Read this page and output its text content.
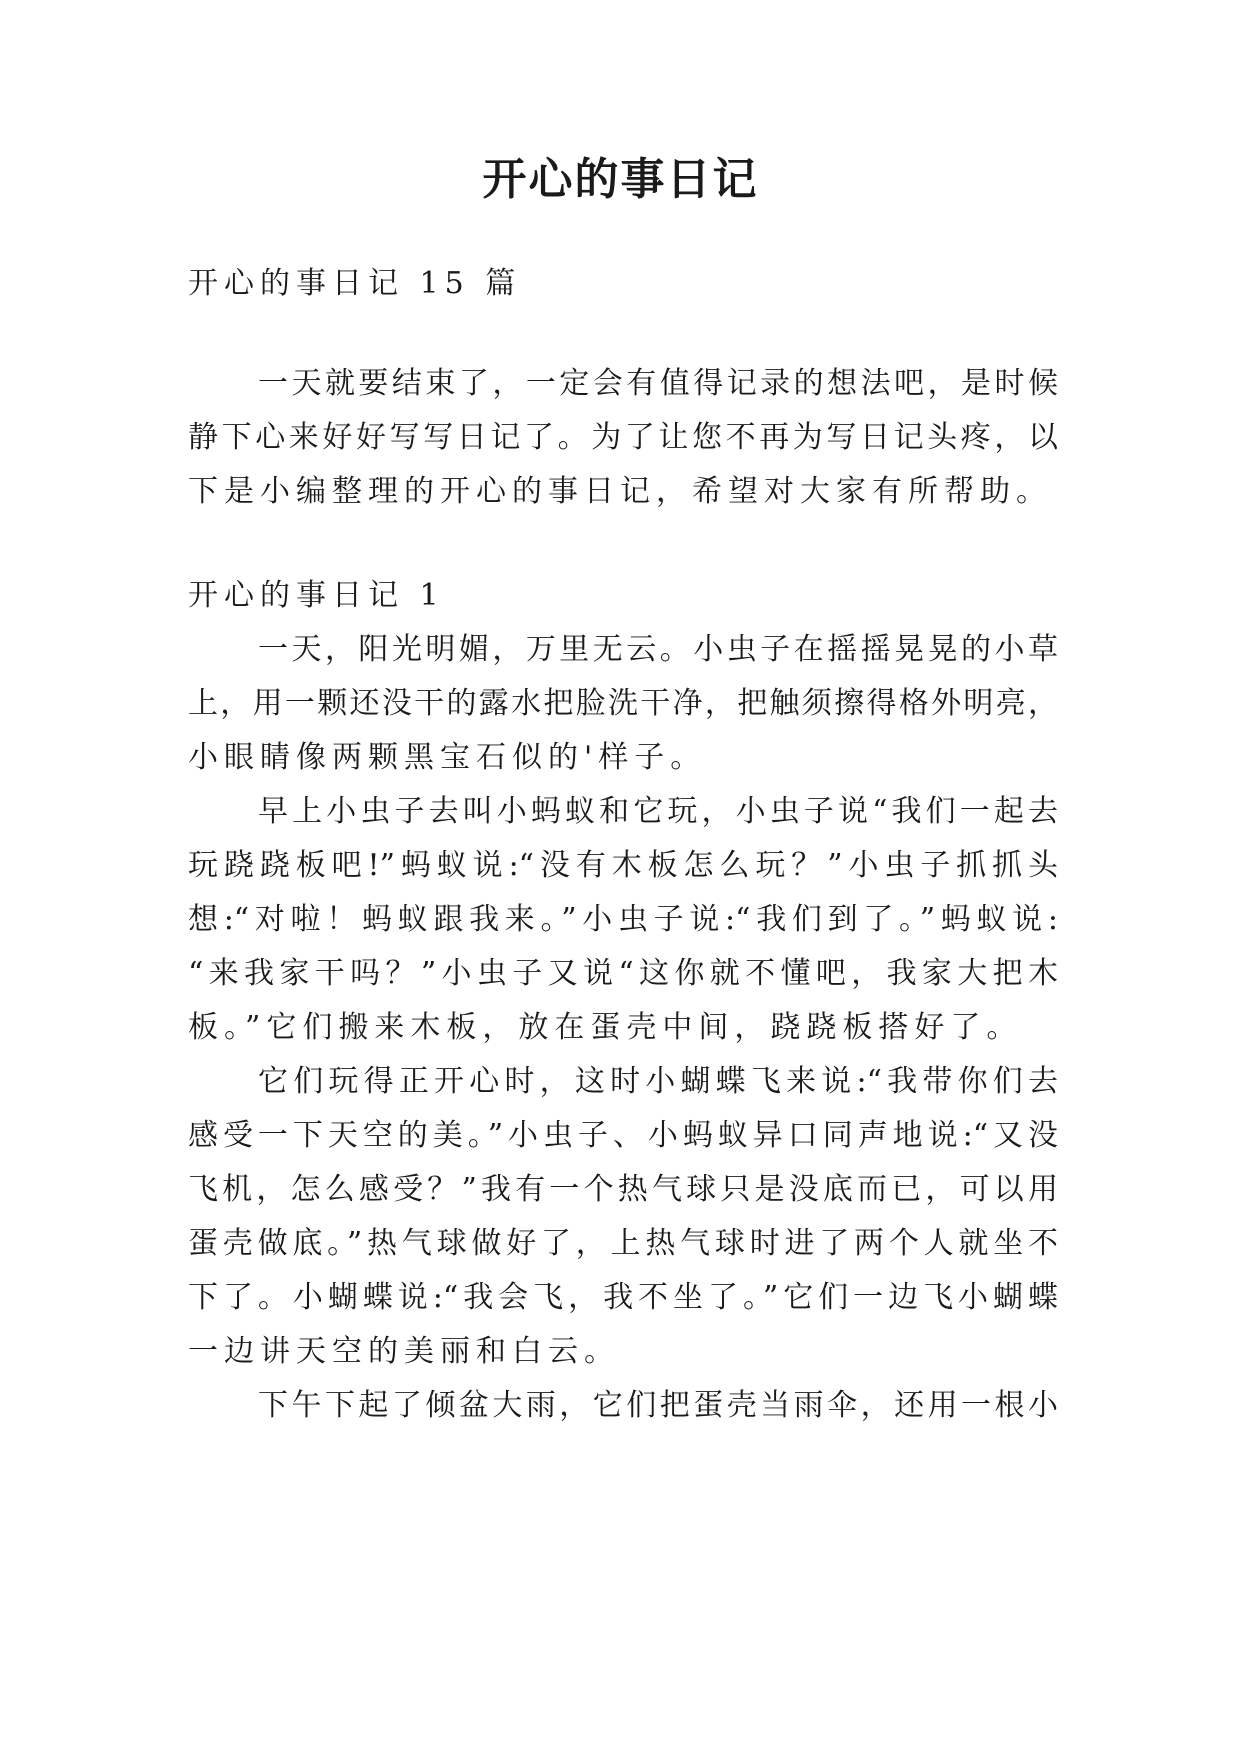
开心的事日记
开心的事日记 15 篇
一天就要结束了，一定会有值得记录的想法吧，是时候
静下心来好好写写日记了。为了让您不再为写日记头疼，以
下是小编整理的开心的事日记，希望对大家有所帮助。
开心的事日记 1
一天，阳光明媚，万里无云。小虫子在摇摇晃晃的小草
上，用一颗还没干的露水把脸洗干净，把触须擦得格外明亮，
小眼睛像两颗黑宝石似的'样子。
早上小虫子去叫小蚂蚁和它玩，小虫子说“我们一起去
玩跷跷板吧!”蚂蚁说:“没有木板怎么玩？”小虫子抓抓头
想:“对啦！蚂蚁跟我来。”小虫子说:“我们到了。”蚂蚁说:
“来我家干吗？”小虫子又说“这你就不懂吧，我家大把木
板。”它们搬来木板，放在蛋壳中间，跷跷板搭好了。
它们玩得正开心时，这时小蝴蝶飞来说:“我带你们去
感受一下天空的美。”小虫子、小蚂蚁异口同声地说:“又没
飞机，怎么感受？”我有一个热气球只是没底而已，可以用
蛋壳做底。”热气球做好了，上热气球时进了两个人就坐不
下了。小蝴蝶说:“我会飞，我不坐了。”它们一边飞小蝴蝶
一边讲天空的美丽和白云。
下午下起了倾盆大雨，它们把蛋壳当雨伞，还用一根小
